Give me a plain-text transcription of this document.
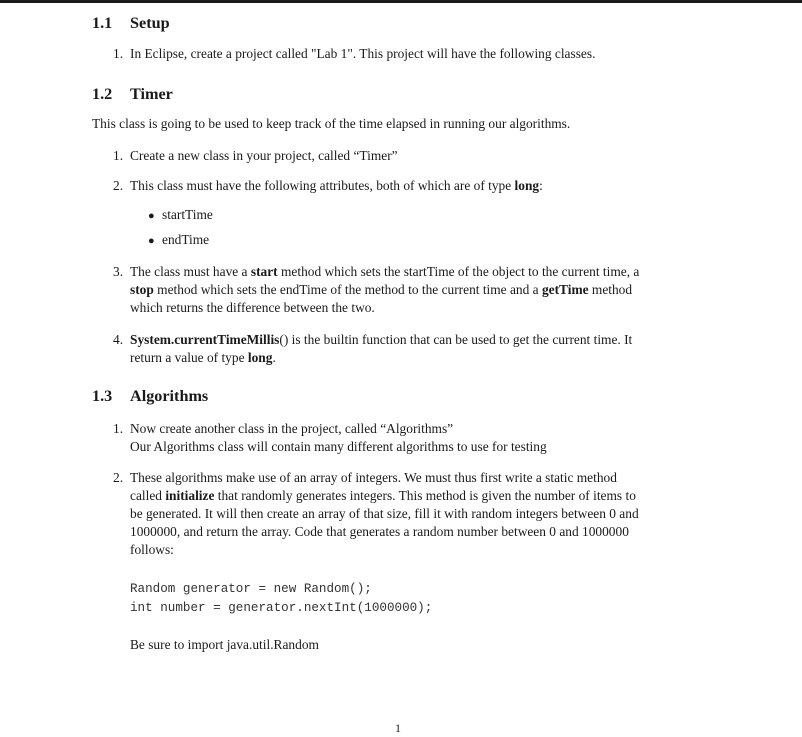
1.1 Setup
1. In Eclipse, create a project called "Lab 1". This project will have the following classes.
1.2 Timer
This class is going to be used to keep track of the time elapsed in running our algorithms.
1. Create a new class in your project, called “Timer”
2. This class must have the following attributes, both of which are of type long:
● startTime
● endTime
3. The class must have a start method which sets the startTime of the object to the current time, a
stop method which sets the endTime of the method to the current time and a getTime method
which returns the difference between the two.
4. System.currentTimeMillis() is the builtin function that can be used to get the current time. It
return a value of type long.
1.3 Algorithms
1. Now create another class in the project, called “Algorithms”
Our Algorithms class will contain many different algorithms to use for testing
2. These algorithms make use of an array of integers. We must thus first write a static method
called initialize that randomly generates integers. This method is given the number of items to
be generated. It will then create an array of that size, fill it with random integers between 0 and
1000000, and return the array. Code that generates a random number between 0 and 1000000
follows:
Random generator = new Random();
int number = generator.nextInt(1000000);
Be sure to import java.util.Random
1
